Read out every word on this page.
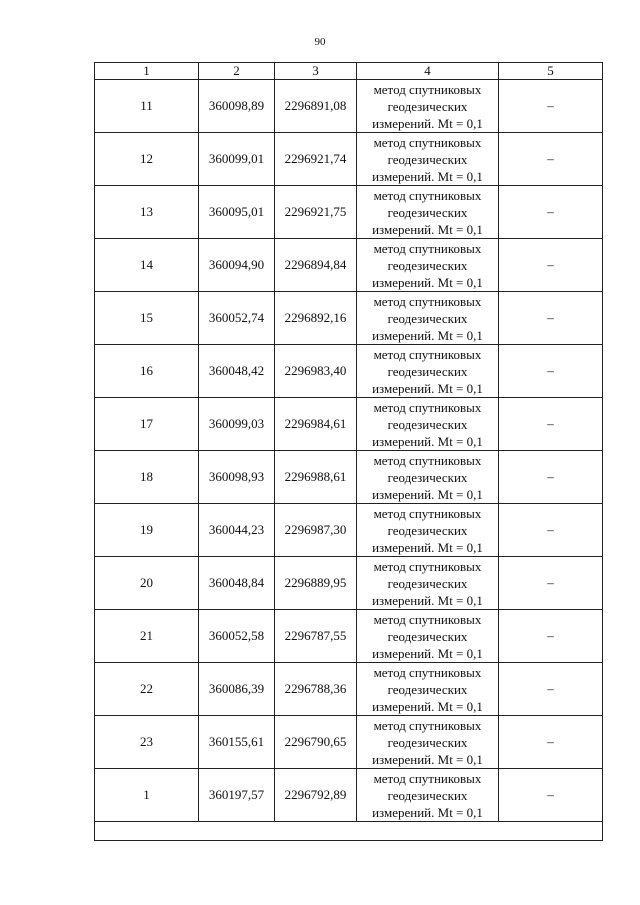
90
1	2	3	4	5
11	360098,89	2296891,08	метод спутниковых
геодезических
измерений. Mt = 0,1	–
12	360099,01	2296921,74	метод спутниковых
геодезических
измерений. Mt = 0,1	–
13	360095,01	2296921,75	метод спутниковых
геодезических
измерений. Mt = 0,1	–
14	360094,90	2296894,84	метод спутниковых
геодезических
измерений. Mt = 0,1	–
15	360052,74	2296892,16	метод спутниковых
геодезических
измерений. Mt = 0,1	–
16	360048,42	2296983,40	метод спутниковых
геодезических
измерений. Mt = 0,1	–
17	360099,03	2296984,61	метод спутниковых
геодезических
измерений. Mt = 0,1	–
18	360098,93	2296988,61	метод спутниковых
геодезических
измерений. Mt = 0,1	–
19	360044,23	2296987,30	метод спутниковых
геодезических
измерений. Mt = 0,1	–
20	360048,84	2296889,95	метод спутниковых
геодезических
измерений. Mt = 0,1	–
21	360052,58	2296787,55	метод спутниковых
геодезических
измерений. Mt = 0,1	–
22	360086,39	2296788,36	метод спутниковых
геодезических
измерений. Mt = 0,1	–
23	360155,61	2296790,65	метод спутниковых
геодезических
измерений. Mt = 0,1	–
1	360197,57	2296792,89	метод спутниковых
геодезических
измерений. Mt = 0,1	–
